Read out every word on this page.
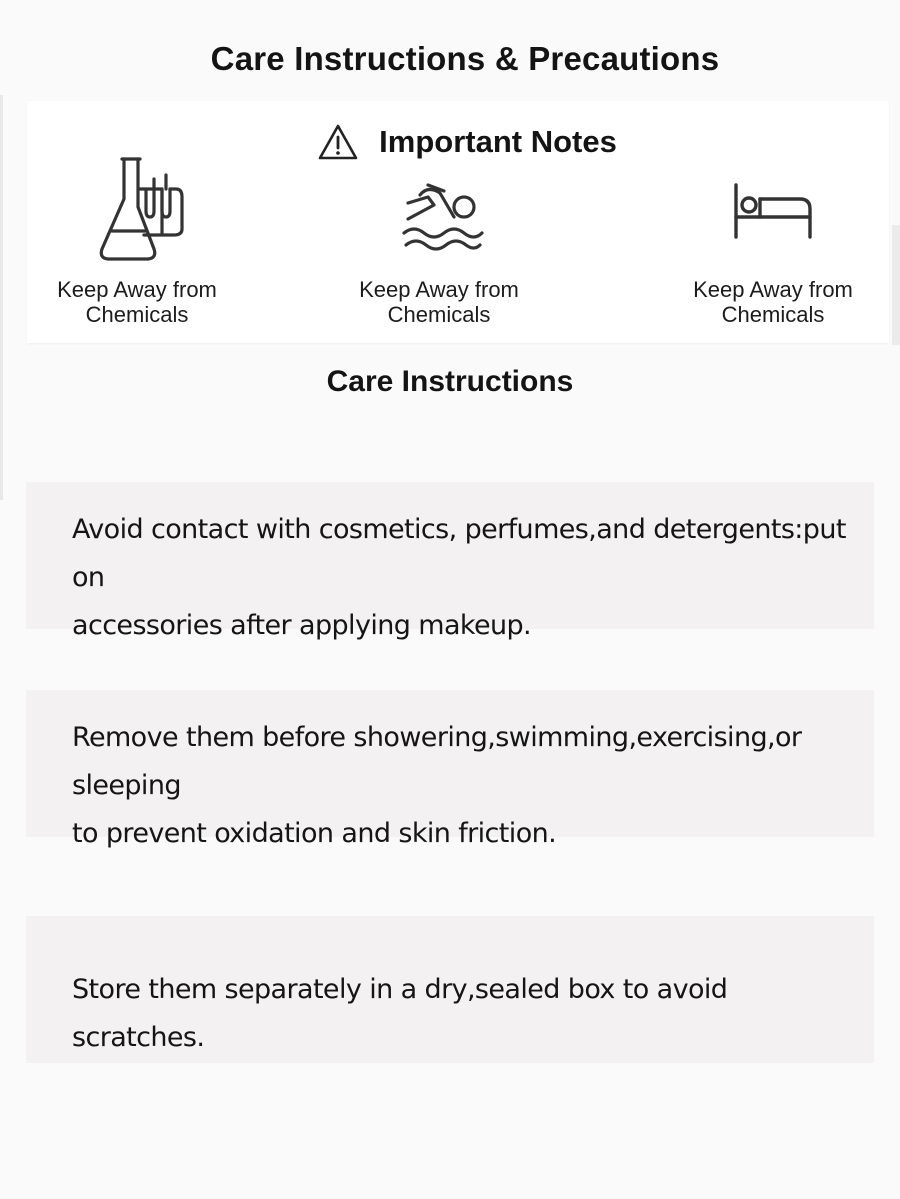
Care Instructions & Precautions
Important Notes
Keep Away from
Chemicals
Keep Away from
Chemicals
Keep Away from
Chemicals
Care Instructions
Avoid contact with cosmetics, perfumes,and detergents:put on
accessories after applying makeup.
Remove them before showering,swimming,exercising,or sleeping
to prevent oxidation and skin friction.
Store them separately in a dry,sealed box to avoid scratches.
